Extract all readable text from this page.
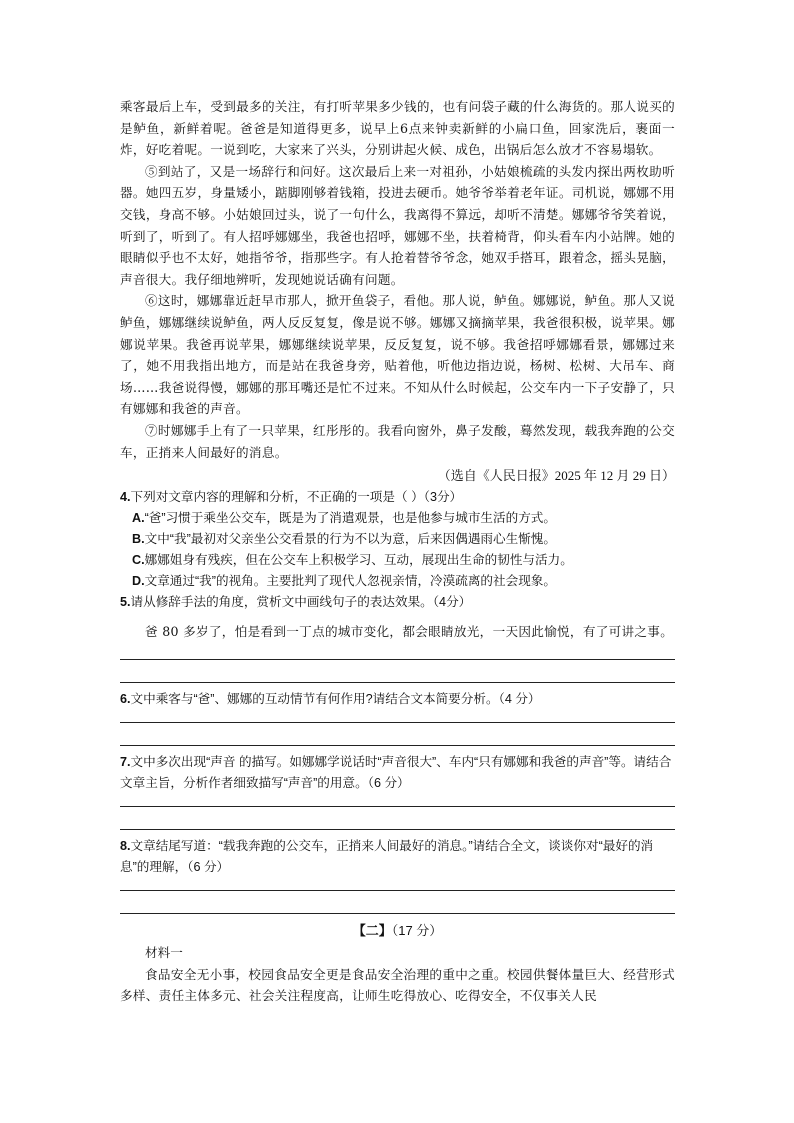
乘客最后上车，受到最多的关注，有打听苹果多少钱的，也有问袋子藏的什么海货的。那人说买的是鲈鱼，新鲜着呢。爸爸是知道得更多，说早上6点来钟卖新鲜的小扁口鱼，回家洗后，裹面一炸，好吃着呢。一说到吃，大家来了兴头，分别讲起火候、成色，出锅后怎么放才不容易塌软。

⑤到站了，又是一场辞行和问好。这次最后上来一对祖孙，小姑娘梳疏的头发内探出两枚助听器。她四五岁，身量矮小，踮脚刚够着钱箱，投进去硬币。她爷爷举着老年证。司机说，娜娜不用交钱，身高不够。小姑娘回过头，说了一句什么，我离得不算远，却听不清楚。娜娜爷爷笑着说，听到了，听到了。有人招呼娜娜坐，我爸也招呼，娜娜不坐，扶着椅背，仰头看车内小站牌。她的眼睛似乎也不太好，她指爷爷，指那些字。有人抢着替爷爷念，她双手搭耳，跟着念，摇头晃脑，声音很大。我仔细地辨听，发现她说话确有问题。

⑥这时，娜娜靠近赶早市那人，掀开鱼袋子，看他。那人说，鲈鱼。娜娜说，鲈鱼。那人又说鲈鱼，娜娜继续说鲈鱼，两人反反复复，像是说不够。娜娜又摘摘苹果，我爸很积极，说苹果。娜娜说苹果。我爸再说苹果，娜娜继续说苹果，反反复复，说不够。我爸招呼娜娜看景，娜娜过来了，她不用我指出地方，而是站在我爸身旁，贴着他，听他边指边说，杨树、松树、大吊车、商场……我爸说得慢，娜娜的那耳嘴还是忙不过来。不知从什么时候起，公交车内一下子安静了，只有娜娜和我爸的声音。

⑦时娜娜手上有了一只苹果，红彤彤的。我看向窗外，鼻子发酸，蓦然发现，载我奔跑的公交车，正捎来人间最好的消息。

（选自《人民日报》2025 年 12 月 29 日）

4.下列对文章内容的理解和分析，不正确的一项是（ ）（3分）

A.“爸”习惯于乘坐公交车，既是为了消遣观景，也是他参与城市生活的方式。

B.文中“我”最初对父亲坐公交看景的行为不以为意，后来因偶遇雨心生惭愧。

C.娜娜姐身有残疾，但在公交车上积极学习、互动，展现出生命的韧性与活力。

D.文章通过“我”的视角。主要批判了现代人忽视亲情，冷漠疏离的社会现象。

5.请从修辞手法的角度，赏析文中画线句子的表达效果。（4分）

爸 80 多岁了，怕是看到一丁点的城市变化，都会眼睛放光，一天因此愉悦，有了可讲之事。

6.文中乘客与“爸”、娜娜的互动情节有何作用?请结合文本简要分析。（4 分）

7.文中多次出现“声音 的描写。如娜娜学说话时“声音很大”、车内“只有娜娜和我爸的声音”等。请结合文章主旨，分析作者细致描写“声音”的用意。（6 分）

8.文章结尾写道：“载我奔跑的公交车，正捎来人间最好的消息。”请结合全文，谈谈你对“最好的消息”的理解，（6 分）

【二】（17 分）

材料一

食品安全无小事，校园食品安全更是食品安全治理的重中之重。校园供餐体量巨大、经营形式多样、责任主体多元、社会关注程度高，让师生吃得放心、吃得安全，不仅事关人民
